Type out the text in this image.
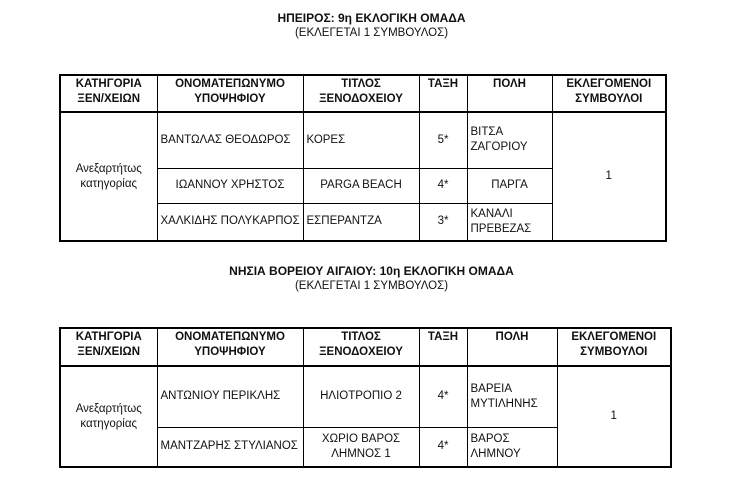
ΗΠΕΙΡΟΣ: 9η ΕΚΛΟΓΙΚΗ ΟΜΑΔΑ
(ΕΚΛΕΓΕΤΑΙ 1 ΣΥΜΒΟΥΛΟΣ)
ΚΑΤΗΓΟΡΙΑ ΞΕΝ/ΧΕΙΩΝ	ΟΝΟΜΑΤΕΠΩΝΥΜΟ ΥΠΟΨΗΦΙΟΥ	ΤΙΤΛΟΣ ΞΕΝΟΔΟΧΕΙΟΥ	ΤΑΞΗ	ΠΟΛΗ	ΕΚΛΕΓΟΜΕΝΟΙ ΣΥΜΒΟΥΛΟΙ
Ανεξαρτήτως κατηγορίας	ΒΑΝΤΩΛΑΣ ΘΕΟΔΩΡΟΣ	ΚΟΡΕΣ	5*	ΒΙΤΣΑ ΖΑΓΟΡΙΟΥ	1
	ΙΩΑΝΝΟΥ ΧΡΗΣΤΟΣ	PARGA BEACH	4*	ΠΑΡΓΑ	
	ΧΑΛΚΙΔΗΣ ΠΟΛΥΚΑΡΠΟΣ	ΕΣΠΕΡΑΝΤΖΑ	3*	ΚΑΝΑΛΙ ΠΡΕΒΕΖΑΣ	
ΝΗΣΙΑ ΒΟΡΕΙΟΥ ΑΙΓΑΙΟΥ: 10η ΕΚΛΟΓΙΚΗ ΟΜΑΔΑ
(ΕΚΛΕΓΕΤΑΙ 1 ΣΥΜΒΟΥΛΟΣ)
ΚΑΤΗΓΟΡΙΑ ΞΕΝ/ΧΕΙΩΝ	ΟΝΟΜΑΤΕΠΩΝΥΜΟ ΥΠΟΨΗΦΙΟΥ	ΤΙΤΛΟΣ ΞΕΝΟΔΟΧΕΙΟΥ	ΤΑΞΗ	ΠΟΛΗ	ΕΚΛΕΓΟΜΕΝΟΙ ΣΥΜΒΟΥΛΟΙ
Ανεξαρτήτως κατηγορίας	ΑΝΤΩΝΙΟΥ ΠΕΡΙΚΛΗΣ	ΗΛΙΟΤΡΟΠΙΟ 2	4*	ΒΑΡΕΙΑ ΜΥΤΙΛΗΝΗΣ	1
	ΜΑΝΤΖΑΡΗΣ ΣΤΥΛΙΑΝΟΣ	ΧΩΡΙΟ ΒΑΡΟΣ ΛΗΜΝΟΣ 1	4*	ΒΑΡΟΣ ΛΗΜΝΟΥ	
